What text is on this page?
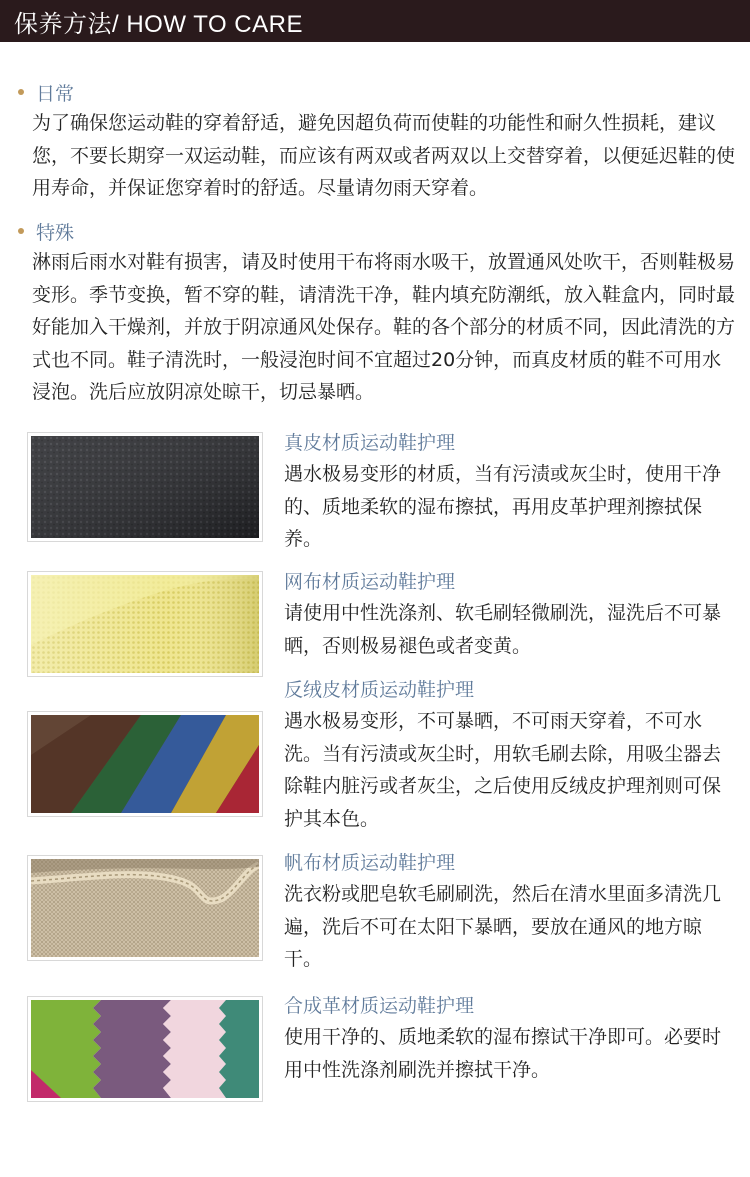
保养方法/ HOW TO CARE
日常
为了确保您运动鞋的穿着舒适，避免因超负荷而使鞋的功能性和耐久性损耗，建议您，不要长期穿一双运动鞋，而应该有两双或者两双以上交替穿着，以便延迟鞋的使用寿命，并保证您穿着时的舒适。尽量请勿雨天穿着。
特殊
淋雨后雨水对鞋有损害，请及时使用干布将雨水吸干，放置通风处吹干，否则鞋极易变形。季节变换，暂不穿的鞋，请清洗干净，鞋内填充防潮纸，放入鞋盒内，同时最好能加入干燥剂，并放于阴凉通风处保存。鞋的各个部分的材质不同，因此清洗的方式也不同。鞋子清洗时，一般浸泡时间不宜超过20分钟，而真皮材质的鞋不可用水浸泡。洗后应放阴凉处晾干，切忌暴晒。
真皮材质运动鞋护理
遇水极易变形的材质，当有污渍或灰尘时，使用干净的、质地柔软的湿布擦拭，再用皮革护理剂擦拭保养。
网布材质运动鞋护理
请使用中性洗涤剂、软毛刷轻微刷洗，湿洗后不可暴晒，否则极易褪色或者变黄。
反绒皮材质运动鞋护理
遇水极易变形，不可暴晒，不可雨天穿着，不可水洗。当有污渍或灰尘时，用软毛刷去除，用吸尘器去除鞋内脏污或者灰尘，之后使用反绒皮护理剂则可保护其本色。
帆布材质运动鞋护理
洗衣粉或肥皂软毛刷刷洗，然后在清水里面多清洗几遍，洗后不可在太阳下暴晒，要放在通风的地方晾干。
合成革材质运动鞋护理
使用干净的、质地柔软的湿布擦试干净即可。必要时用中性洗涤剂刷洗并擦拭干净。
